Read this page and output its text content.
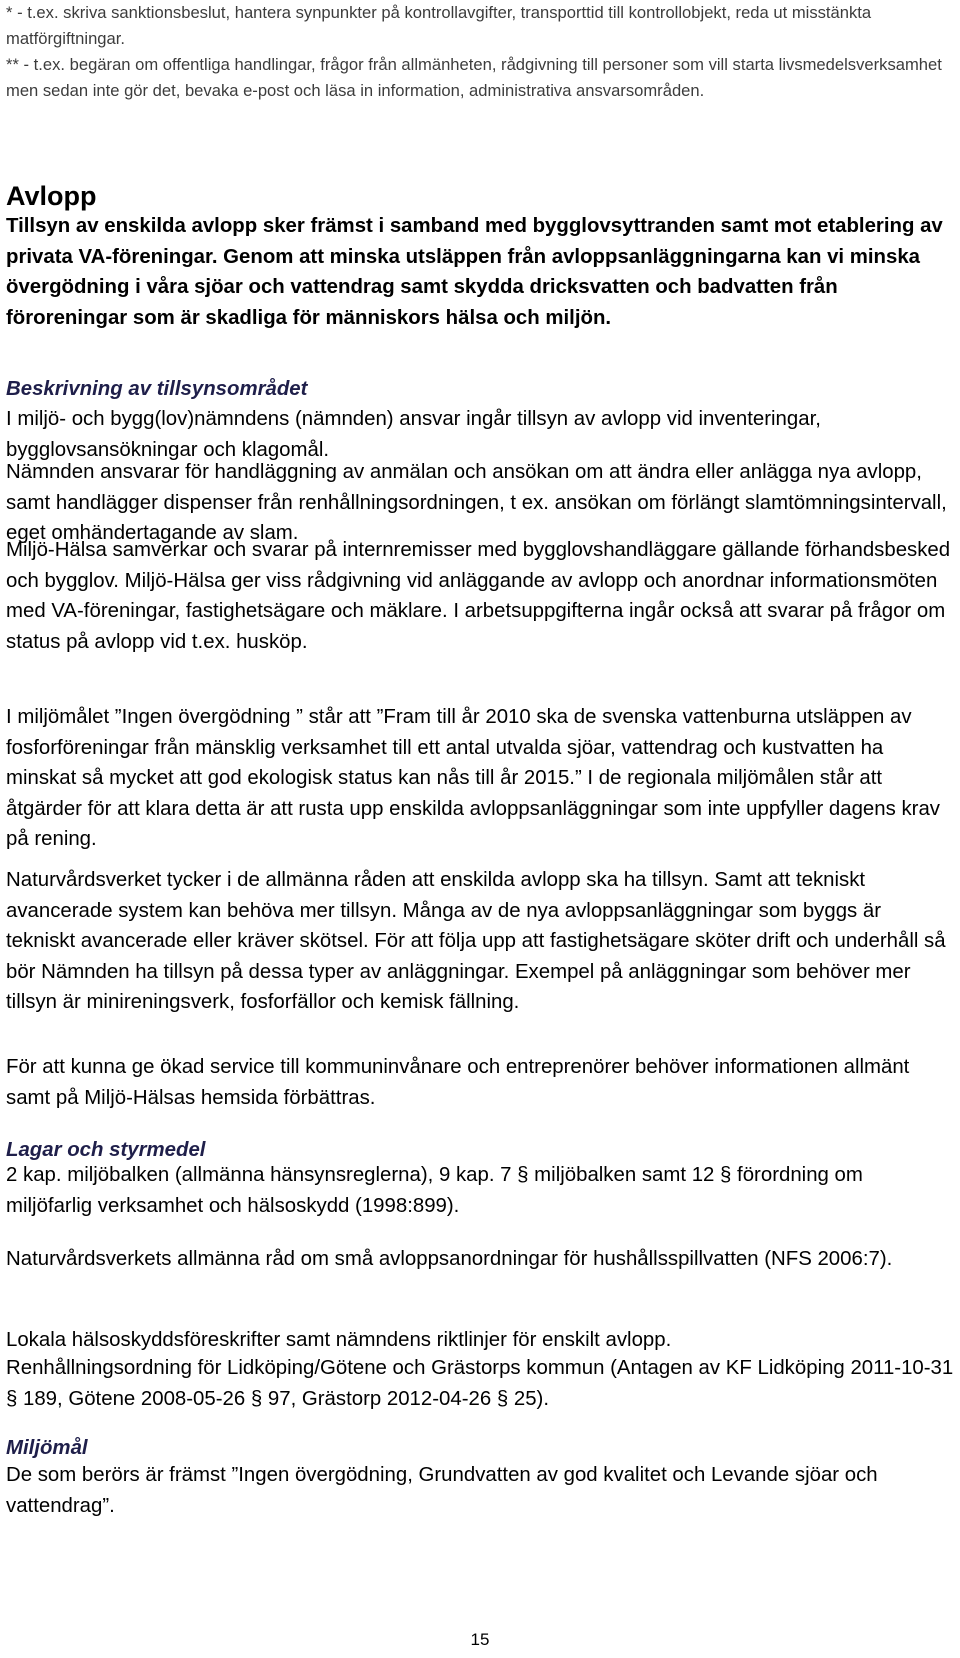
* - t.ex. skriva sanktionsbeslut, hantera synpunkter på kontrollavgifter, transporttid till kontrollobjekt, reda ut misstänkta matförgiftningar.

** - t.ex. begäran om offentliga handlingar, frågor från allmänheten, rådgivning till personer som vill starta livsmedelsverksamhet men sedan inte gör det, bevaka e-post och läsa in information, administrativa ansvarsområden.

Avlopp

Tillsyn av enskilda avlopp sker främst i samband med bygglovsyttranden samt mot etablering av privata VA-föreningar. Genom att minska utsläppen från avloppsanläggningarna kan vi minska övergödning i våra sjöar och vattendrag samt skydda dricksvatten och badvatten från föroreningar som är skadliga för människors hälsa och miljön.

Beskrivning av tillsynsområdet

I miljö- och bygg(lov)nämndens (nämnden) ansvar ingår tillsyn av avlopp vid inventeringar, bygglovsansökningar och klagomål.

Nämnden ansvarar för handläggning av anmälan och ansökan om att ändra eller anlägga nya avlopp, samt handlägger dispenser från renhållningsordningen, t ex. ansökan om förlängt slamtömningsintervall, eget omhändertagande av slam.

Miljö-Hälsa samverkar och svarar på internremisser med bygglovshandläggare gällande förhandsbesked och bygglov. Miljö-Hälsa ger viss rådgivning vid anläggande av avlopp och anordnar informationsmöten med VA-föreningar, fastighetsägare och mäklare. I arbetsuppgifterna ingår också att svarar på frågor om status på avlopp vid t.ex. husköp.

I miljömålet ”Ingen övergödning ” står att ”Fram till år 2010 ska de svenska vattenburna utsläppen av fosforföreningar från mänsklig verksamhet till ett antal utvalda sjöar, vattendrag och kustvatten ha minskat så mycket att god ekologisk status kan nås till år 2015.” I de regionala miljömålen står att åtgärder för att klara detta är att rusta upp enskilda avloppsanläggningar som inte uppfyller dagens krav på rening.

Naturvårdsverket tycker i de allmänna råden att enskilda avlopp ska ha tillsyn. Samt att tekniskt avancerade system kan behöva mer tillsyn. Många av de nya avloppsanläggningar som byggs är tekniskt avancerade eller kräver skötsel. För att följa upp att fastighetsägare sköter drift och underhåll så bör Nämnden ha tillsyn på dessa typer av anläggningar. Exempel på anläggningar som behöver mer tillsyn är minireningsverk, fosforfällor och kemisk fällning.

För att kunna ge ökad service till kommuninvånare och entreprenörer behöver informationen allmänt samt på Miljö-Hälsas hemsida förbättras.

Lagar och styrmedel

2 kap. miljöbalken (allmänna hänsynsreglerna), 9 kap. 7 § miljöbalken samt 12 § förordning om miljöfarlig verksamhet och hälsoskydd (1998:899).

Naturvårdsverkets allmänna råd om små avloppsanordningar för hushållsspillvatten (NFS 2006:7).

Lokala hälsoskyddsföreskrifter samt nämndens riktlinjer för enskilt avlopp.

Renhållningsordning för Lidköping/Götene och Grästorps kommun (Antagen av KF Lidköping 2011-10-31 § 189, Götene 2008-05-26 § 97, Grästorp 2012-04-26 § 25).

Miljömål

De som berörs är främst ”Ingen övergödning, Grundvatten av god kvalitet och Levande sjöar och vattendrag”.

15
